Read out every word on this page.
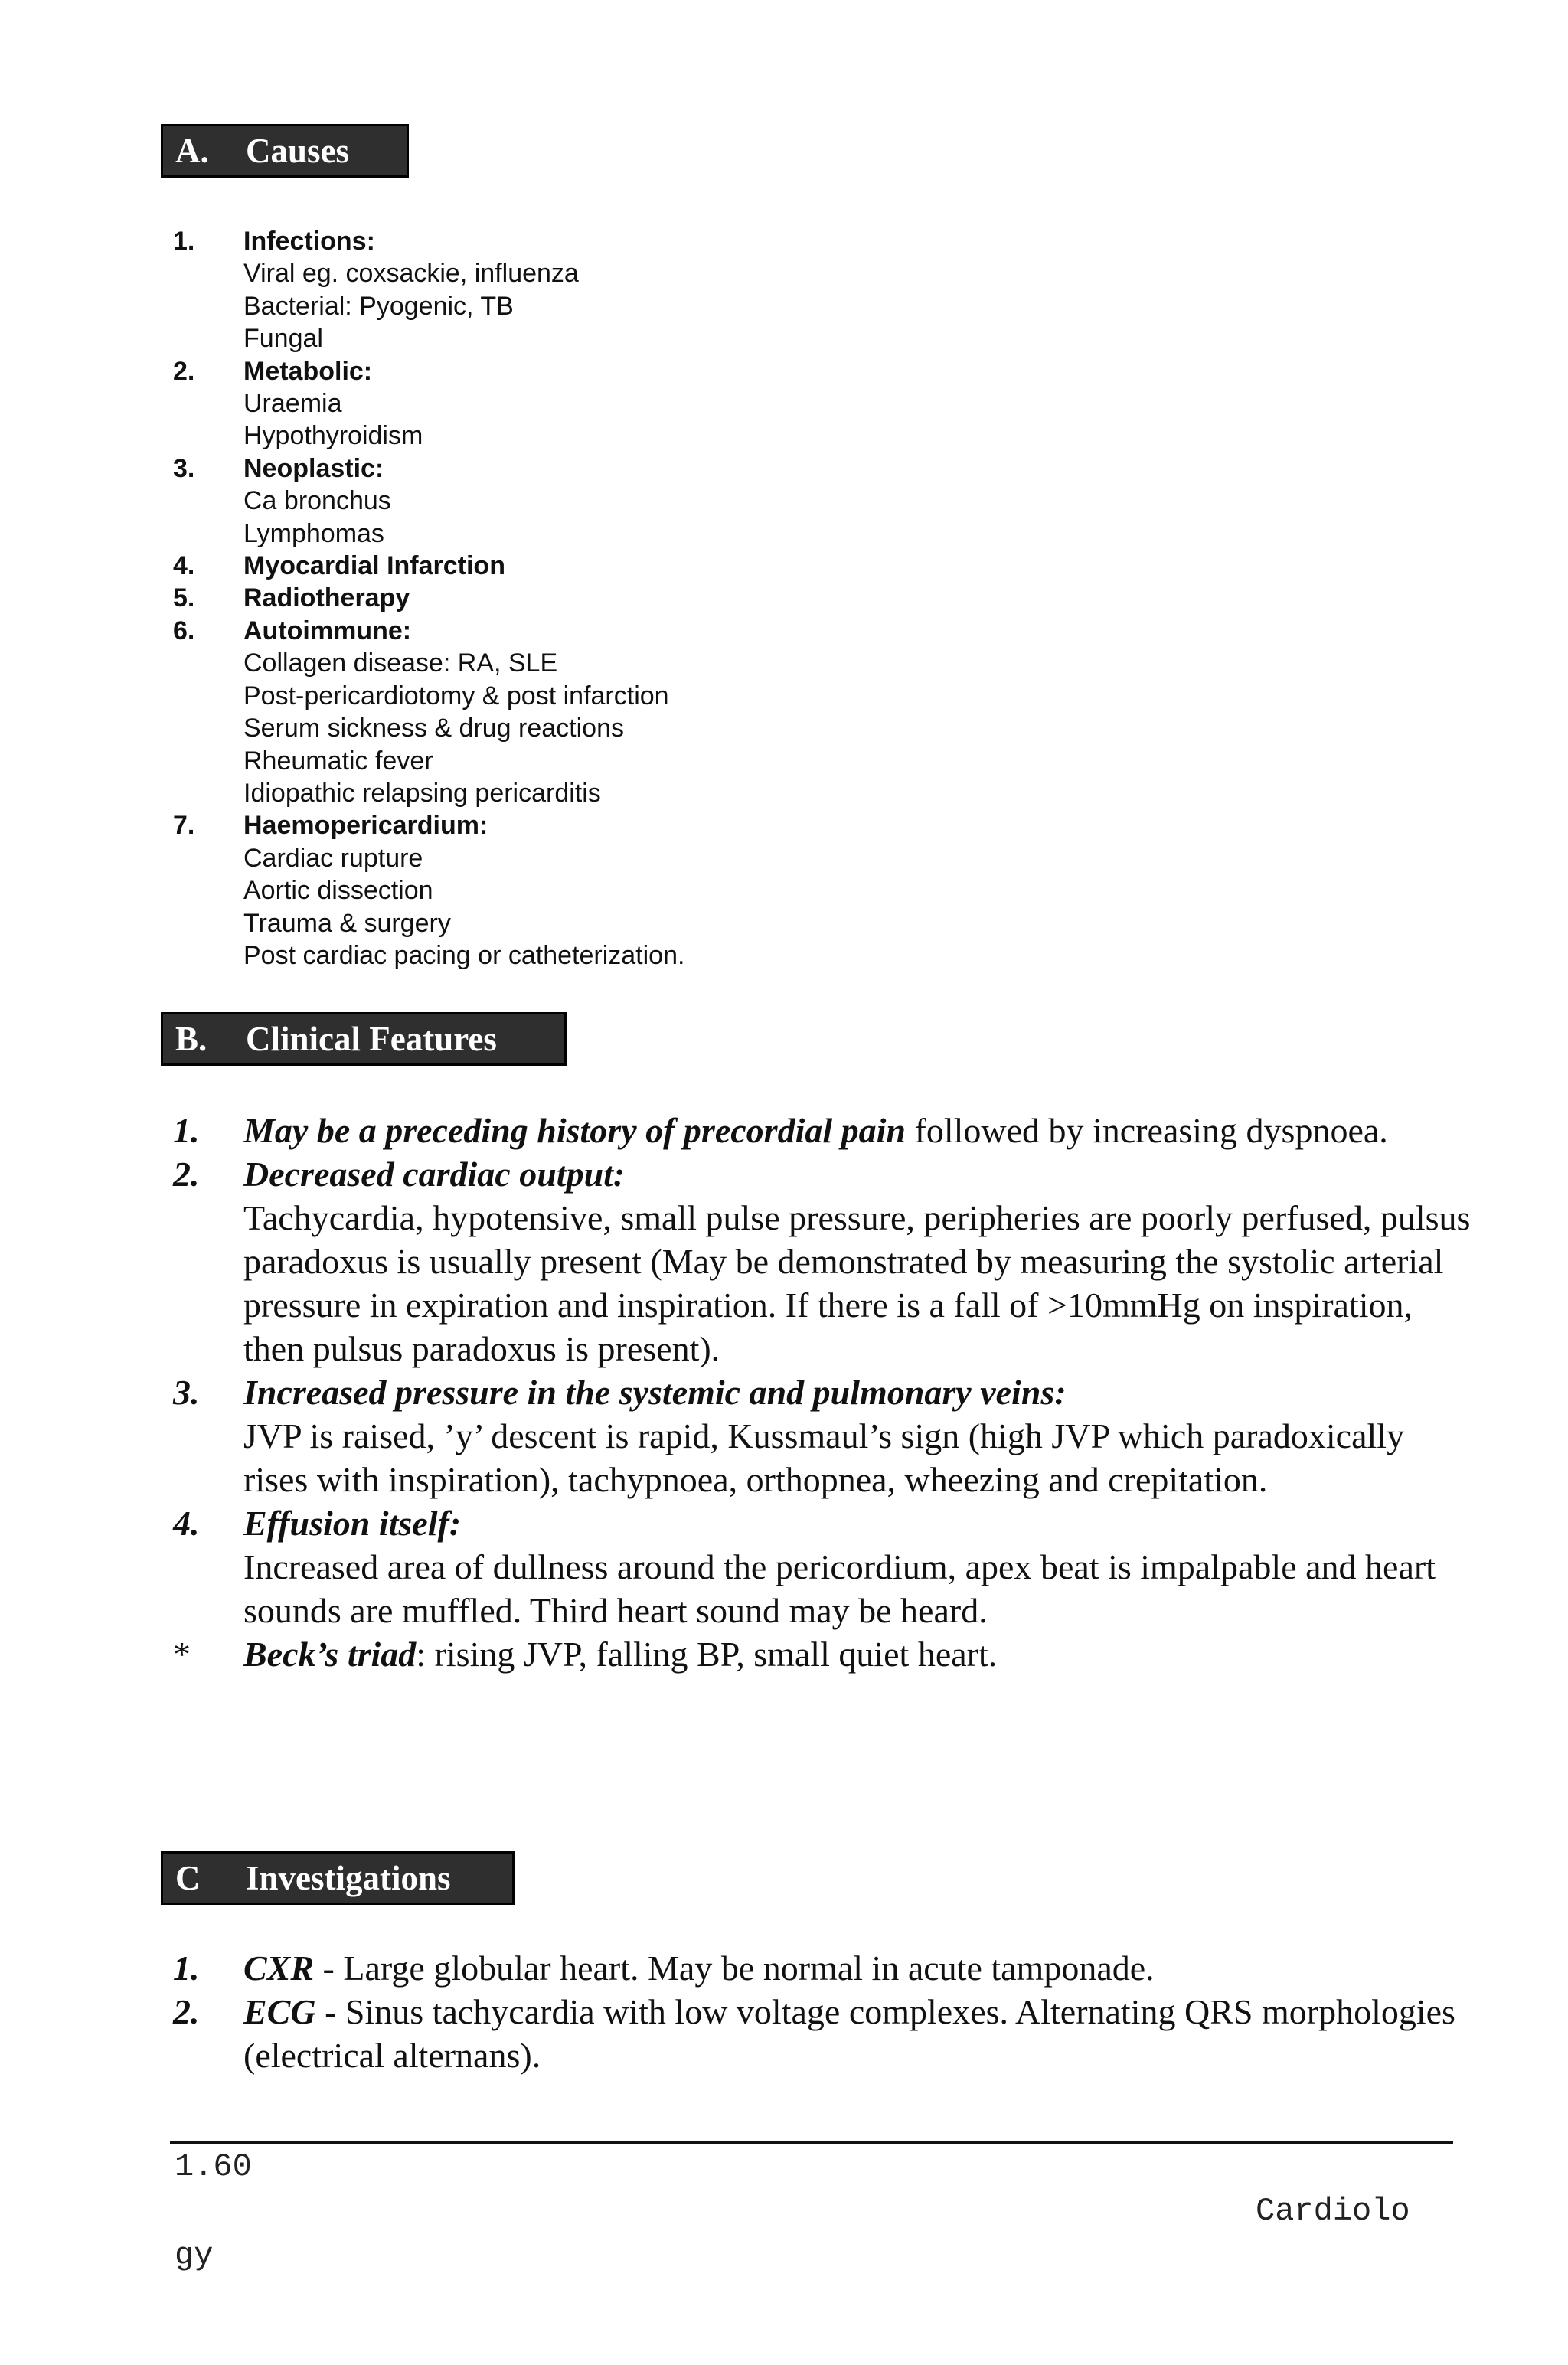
A. Causes
1.	Infections:
Viral eg. coxsackie, influenza
Bacterial: Pyogenic, TB
Fungal
2.	Metabolic:
Uraemia
Hypothyroidism
3.	Neoplastic:
Ca bronchus
Lymphomas
4.	Myocardial Infarction
5.	Radiotherapy
6.	Autoimmune:
Collagen disease: RA, SLE
Post-pericardiotomy & post infarction
Serum sickness & drug reactions
Rheumatic fever
Idiopathic relapsing pericarditis
7.	Haemopericardium:
Cardiac rupture
Aortic dissection
Trauma & surgery
Post cardiac pacing or catheterization.
B. Clinical Features
1.	May be a preceding history of precordial pain followed by increasing dyspnoea.
2.	Decreased cardiac output:
Tachycardia, hypotensive, small pulse pressure, peripheries are poorly perfused, pulsus paradoxus is usually present (May be demonstrated by measuring the systolic arterial pressure in expiration and inspiration. If there is a fall of >10mmHg on inspiration, then pulsus paradoxus is present).
3.	Increased pressure in the systemic and pulmonary veins:
JVP is raised, ’y’ descent is rapid, Kussmaul’s sign (high JVP which paradoxically rises with inspiration), tachypnoea, orthopnea, wheezing and crepitation.
4.	Effusion itself:
Increased area of dullness around the pericordium, apex beat is impalpable and heart sounds are muffled. Third heart sound may be heard.
*	Beck’s triad: rising JVP, falling BP, small quiet heart.
C Investigations
1.	CXR - Large globular heart. May be normal in acute tamponade.
2.	ECG - Sinus tachycardia with low voltage complexes. Alternating QRS morphologies (electrical alternans).
1.60
Cardiolo
gy
